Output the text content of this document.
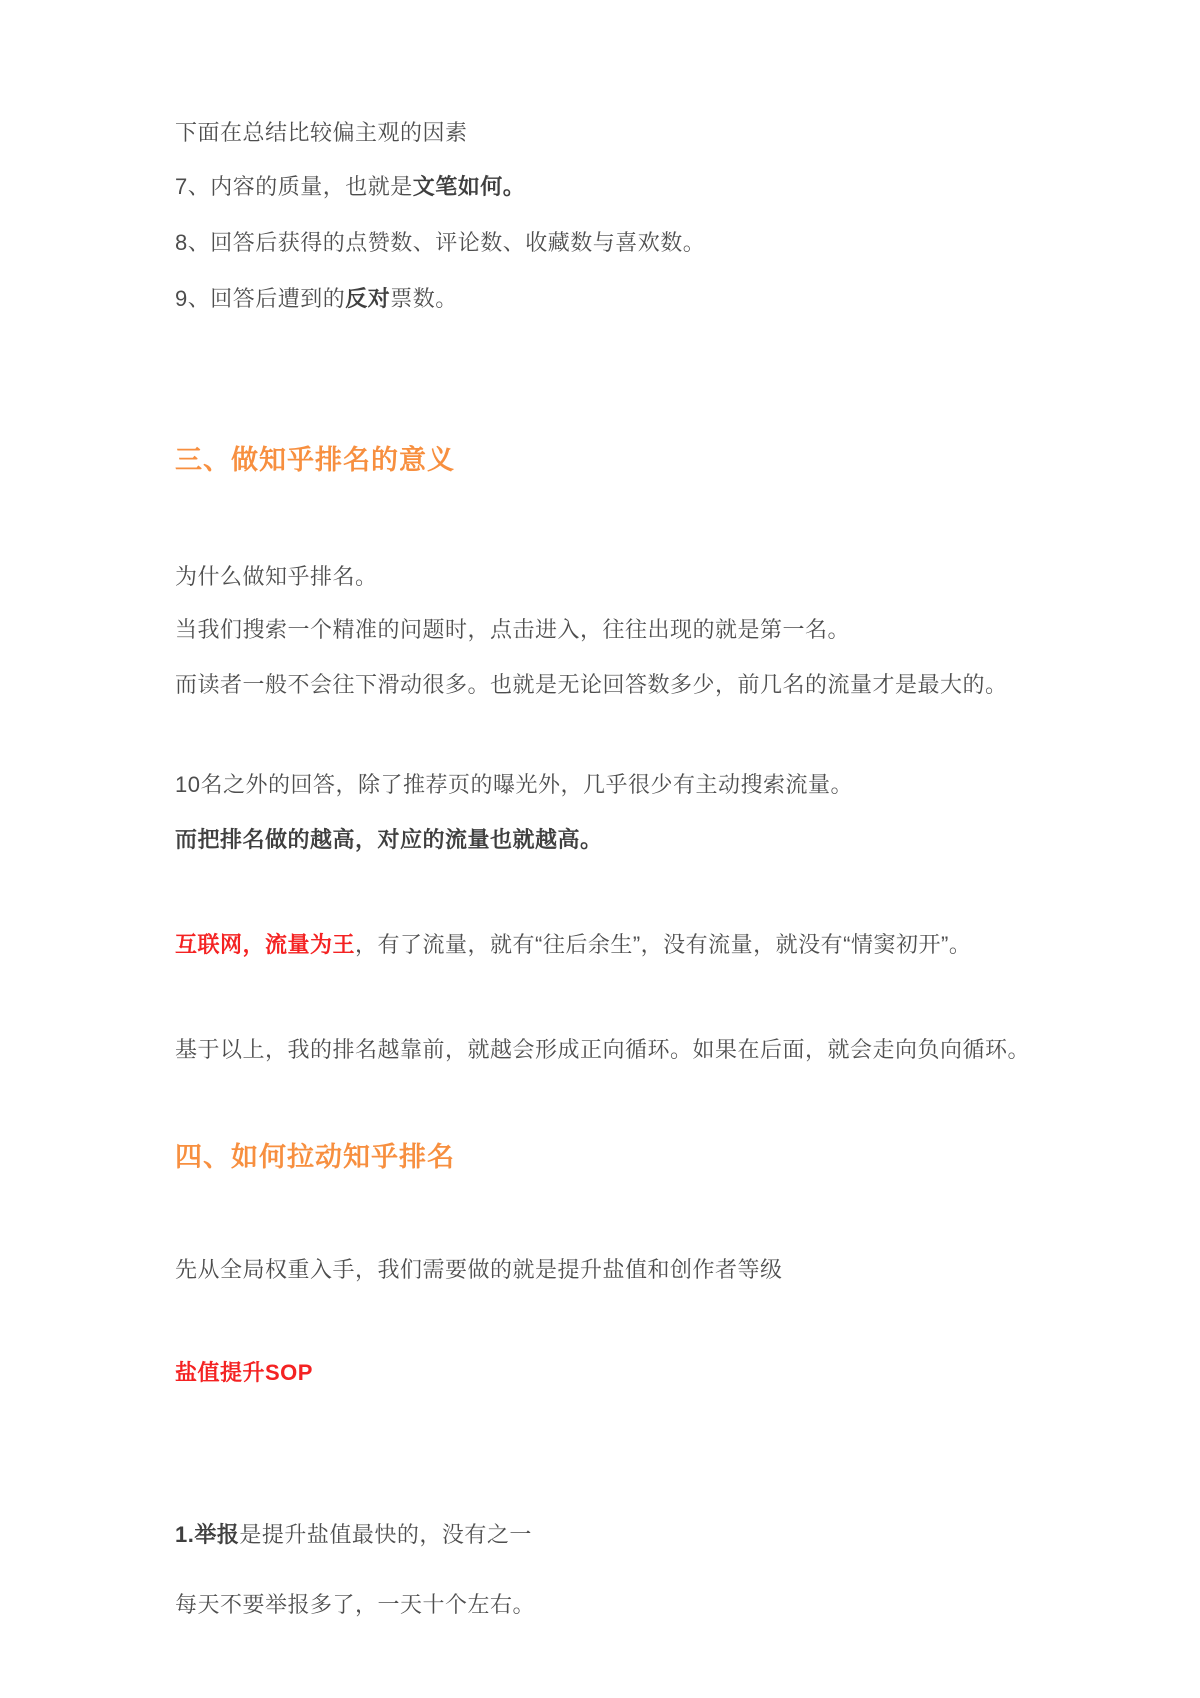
下面在总结比较偏主观的因素
7、内容的质量，也就是文笔如何。
8、回答后获得的点赞数、评论数、收藏数与喜欢数。
9、回答后遭到的反对票数。
三、做知乎排名的意义
为什么做知乎排名。
当我们搜索一个精准的问题时，点击进入，往往出现的就是第一名。
而读者一般不会往下滑动很多。也就是无论回答数多少，前几名的流量才是最大的。
10名之外的回答，除了推荐页的曝光外，几乎很少有主动搜索流量。
而把排名做的越高，对应的流量也就越高。
互联网，流量为王，有了流量，就有“往后余生”，没有流量，就没有“情窦初开”。
基于以上，我的排名越靠前，就越会形成正向循环。如果在后面，就会走向负向循环。
四、如何拉动知乎排名
先从全局权重入手，我们需要做的就是提升盐值和创作者等级
盐值提升SOP
1.举报是提升盐值最快的，没有之一
每天不要举报多了，一天十个左右。
